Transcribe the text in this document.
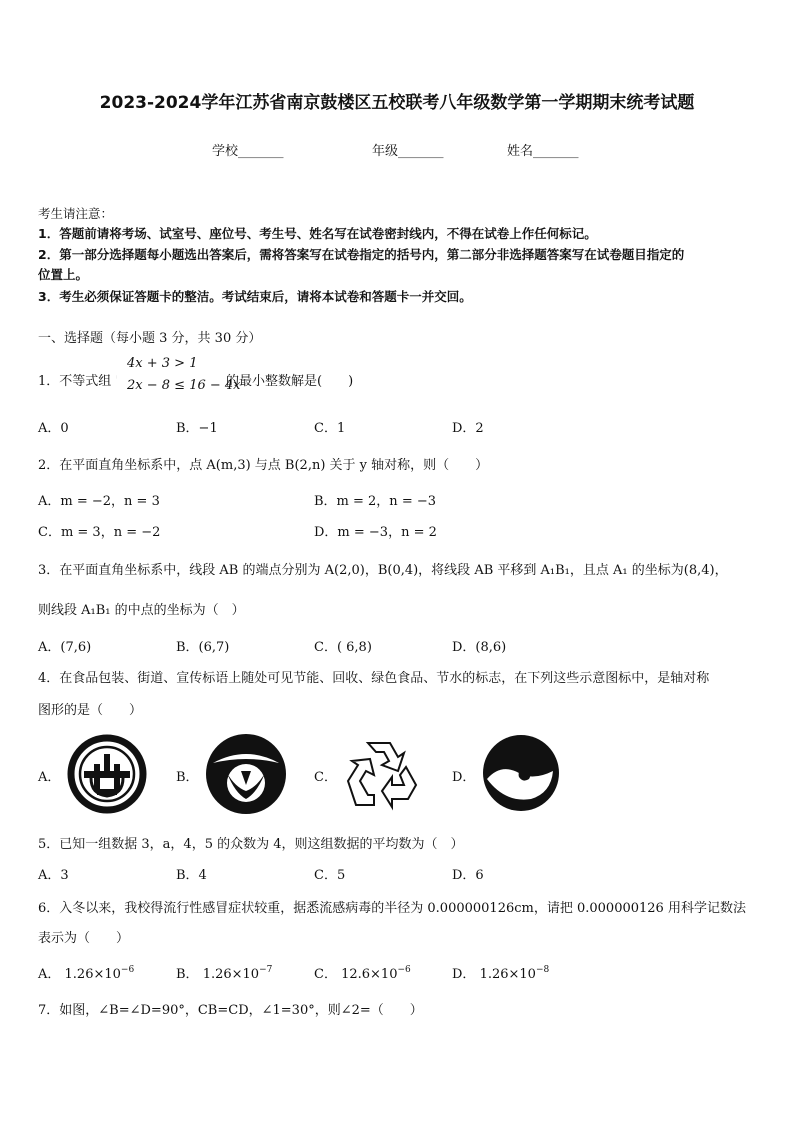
2023-2024学年江苏省南京鼓楼区五校联考八年级数学第一学期期末统考试题
学校_______	年级_______	姓名_______
考生请注意：
1．答题前请将考场、试室号、座位号、考生号、姓名写在试卷密封线内，不得在试卷上作任何标记。
2．第一部分选择题每小题选出答案后，需将答案写在试卷指定的括号内，第二部分非选择题答案写在试卷题目指定的
位置上。
3．考生必须保证答题卡的整洁。考试结束后，请将本试卷和答题卡一并交回。
一、选择题（每小题 3 分，共 30 分）
1．不等式组
4x + 3 > 1
2x − 8 ≤ 16 − 4x
的最小整数解是(　　)
A．0	B．−1	C．1	D．2
2．在平面直角坐标系中，点 A(m,3) 与点 B(2,n) 关于 y 轴对称，则（　　）
A．m = −2，n = 3	B．m = 2，n = −3
C．m = 3，n = −2	D．m = −3，n = 2
3．在平面直角坐标系中，线段 AB 的端点分别为 A(2,0)，B(0,4)，将线段 AB 平移到 A₁B₁，且点 A₁ 的坐标为(8,4)，
则线段 A₁B₁ 的中点的坐标为（　）
A．(7,6)	B．(6,7)	C．( 6,8)	D．(8,6)
4．在食品包装、街道、宣传标语上随处可见节能、回收、绿色食品、节水的标志，在下列这些示意图标中，是轴对称
图形的是（　　）
A．	B．	C．	D．
5．已知一组数据 3，a，4，5 的众数为 4，则这组数据的平均数为（　）
A．3	B．4	C．5	D．6
6．入冬以来，我校得流行性感冒症状较重，据悉流感病毒的半径为 0.000000126cm，请把 0.000000126 用科学记数法
表示为（　　）
A． $1.26\times 10^{-6}$	B． $1.26\times 10^{-7}$	C． $12.6\times 10^{-6}$	D． $1.26\times 10^{-8}$
7．如图，∠B=∠D=90°，CB=CD，∠1=30°，则∠2=（　　）
